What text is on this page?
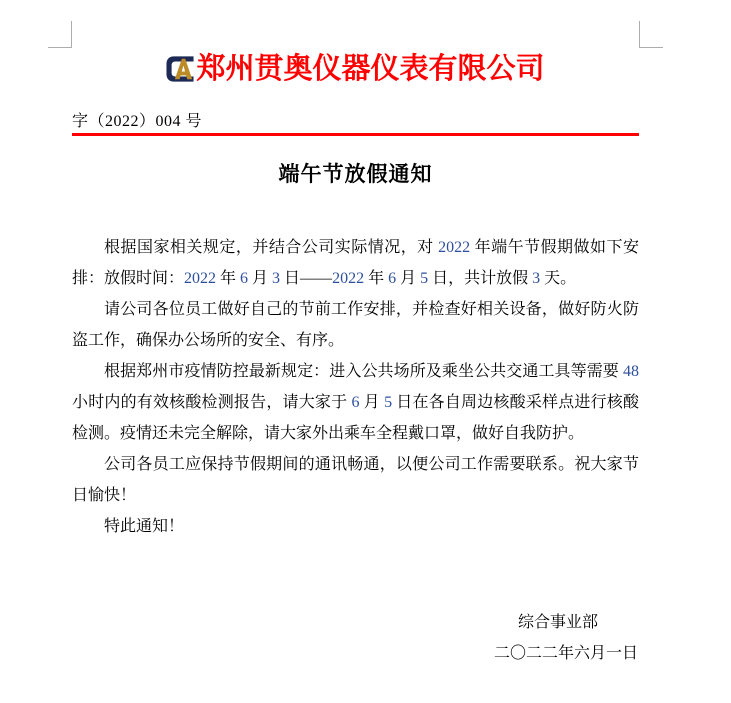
郑州贯奥仪器仪表有限公司
字（2022）004 号
端午节放假通知

根据国家相关规定，并结合公司实际情况，对 2022 年端午节假期做如下安排：放假时间：2022 年 6 月 3 日——2022 年 6 月 5 日，共计放假 3 天。

请公司各位员工做好自己的节前工作安排，并检查好相关设备，做好防火防盗工作，确保办公场所的安全、有序。

根据郑州市疫情防控最新规定：进入公共场所及乘坐公共交通工具等需要 48 小时内的有效核酸检测报告，请大家于 6 月 5 日在各自周边核酸采样点进行核酸检测。疫情还未完全解除，请大家外出乘车全程戴口罩，做好自我防护。

公司各员工应保持节假期间的通讯畅通，以便公司工作需要联系。祝大家节日愉快！

特此通知！

综合事业部
二〇二二年六月一日
